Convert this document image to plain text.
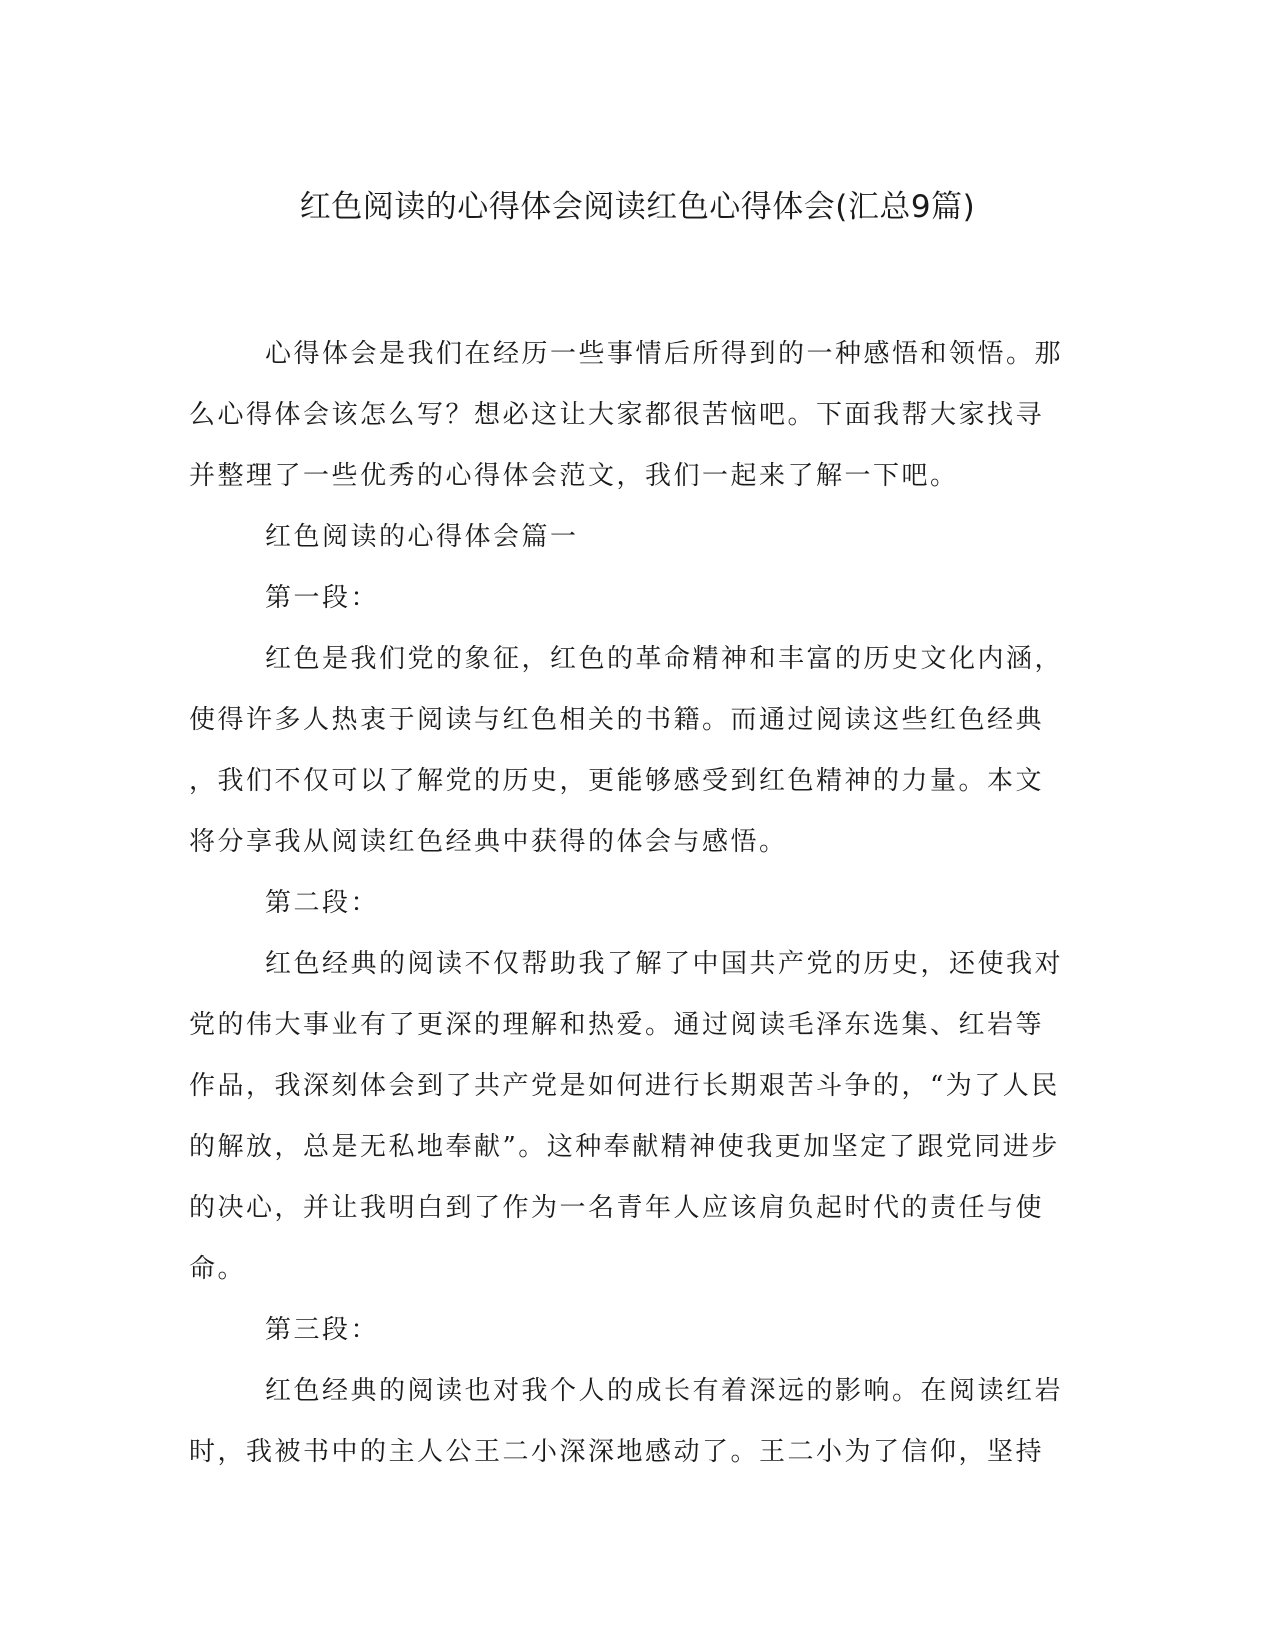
红色阅读的心得体会阅读红色心得体会(汇总9篇)

心得体会是我们在经历一些事情后所得到的一种感悟和领悟。那
么心得体会该怎么写？想必这让大家都很苦恼吧。下面我帮大家找寻
并整理了一些优秀的心得体会范文，我们一起来了解一下吧。

红色阅读的心得体会篇一

第一段：

红色是我们党的象征，红色的革命精神和丰富的历史文化内涵，
使得许多人热衷于阅读与红色相关的书籍。而通过阅读这些红色经典
，我们不仅可以了解党的历史，更能够感受到红色精神的力量。本文
将分享我从阅读红色经典中获得的体会与感悟。

第二段：

红色经典的阅读不仅帮助我了解了中国共产党的历史，还使我对
党的伟大事业有了更深的理解和热爱。通过阅读毛泽东选集、红岩等
作品，我深刻体会到了共产党是如何进行长期艰苦斗争的，“为了人民
的解放，总是无私地奉献”。这种奉献精神使我更加坚定了跟党同进步
的决心，并让我明白到了作为一名青年人应该肩负起时代的责任与使
命。

第三段：

红色经典的阅读也对我个人的成长有着深远的影响。在阅读红岩
时，我被书中的主人公王二小深深地感动了。王二小为了信仰，坚持
